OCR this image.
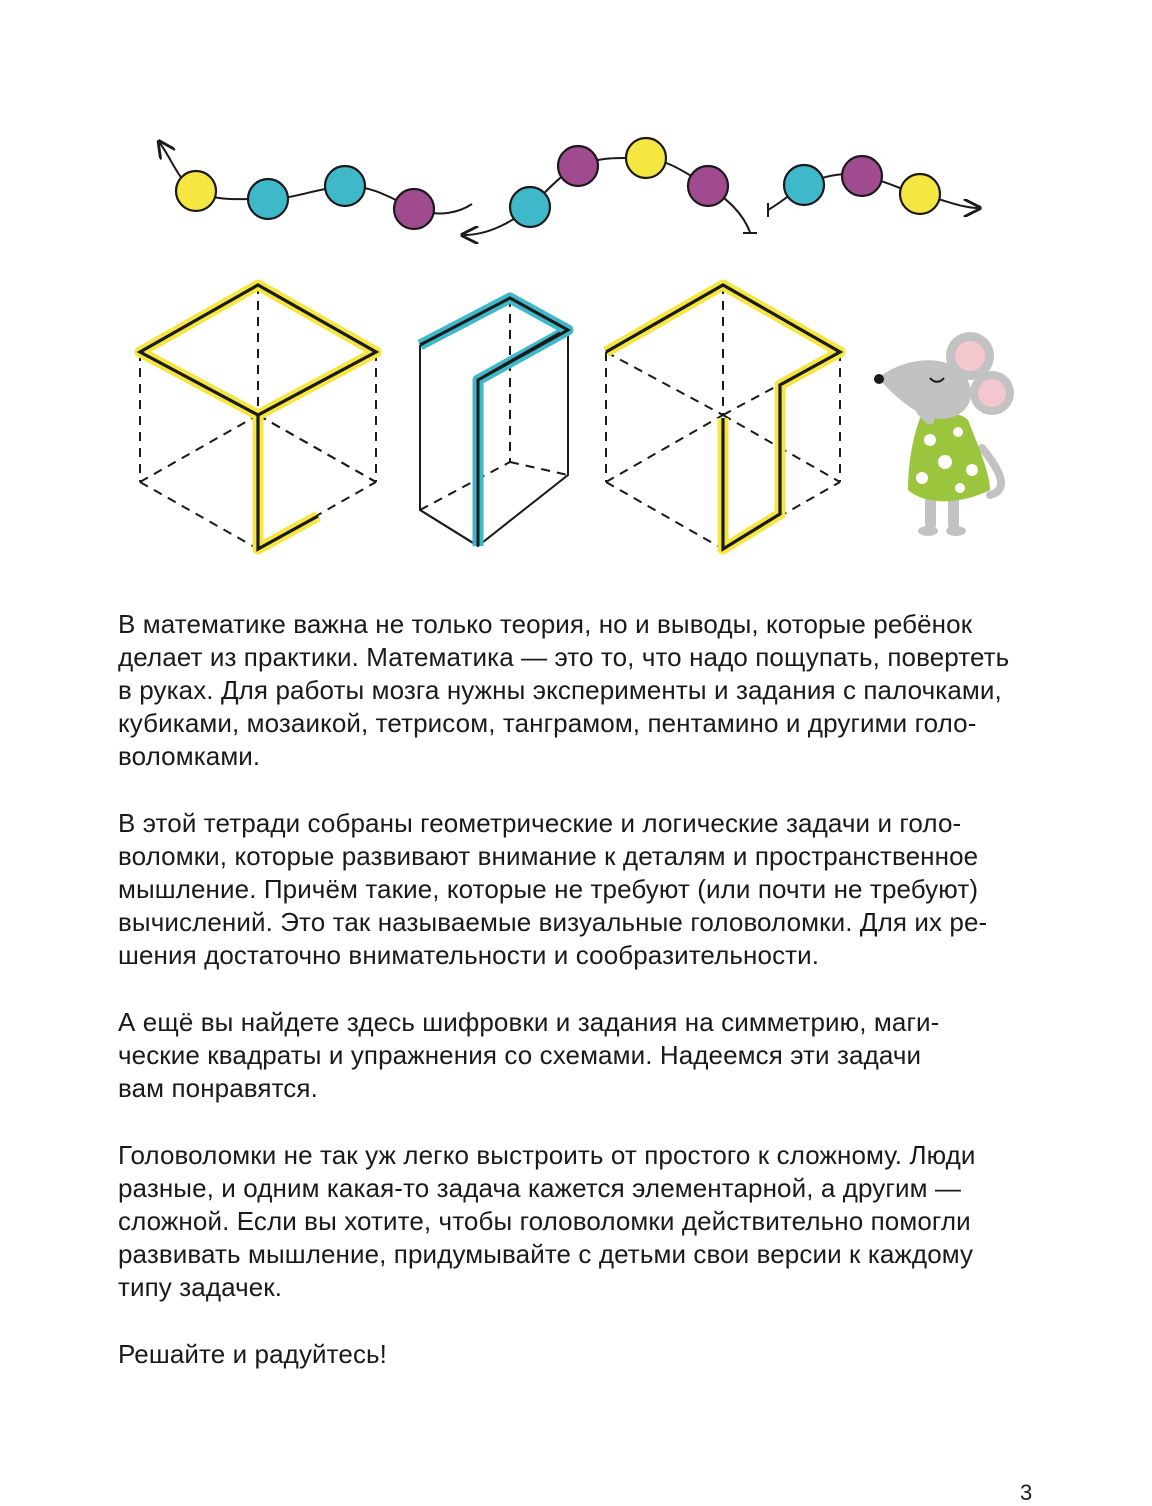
В математике важна не только теория, но и выводы, которые ребёнок
делает из практики. Математика — это то, что надо пощупать, повертеть
в руках. Для работы мозга нужны эксперименты и задания с палочками,
кубиками, мозаикой, тетрисом, танграмом, пентамино и другими голо-
воломками.

В этой тетради собраны геометрические и логические задачи и голо-
воломки, которые развивают внимание к деталям и пространственное
мышление. Причём такие, которые не требуют (или почти не требуют)
вычислений. Это так называемые визуальные головоломки. Для их ре-
шения достаточно внимательности и сообразительности.

А ещё вы найдете здесь шифровки и задания на симметрию, маги-
ческие квадраты и упражнения со схемами. Надеемся эти задачи
вам понравятся.

Головоломки не так уж легко выстроить от простого к сложному. Люди
разные, и одним какая-то задача кажется элементарной, а другим —
сложной. Если вы хотите, чтобы головоломки действительно помогли
развивать мышление, придумывайте с детьми свои версии к каждому
типу задачек.

Решайте и радуйтесь!

3
